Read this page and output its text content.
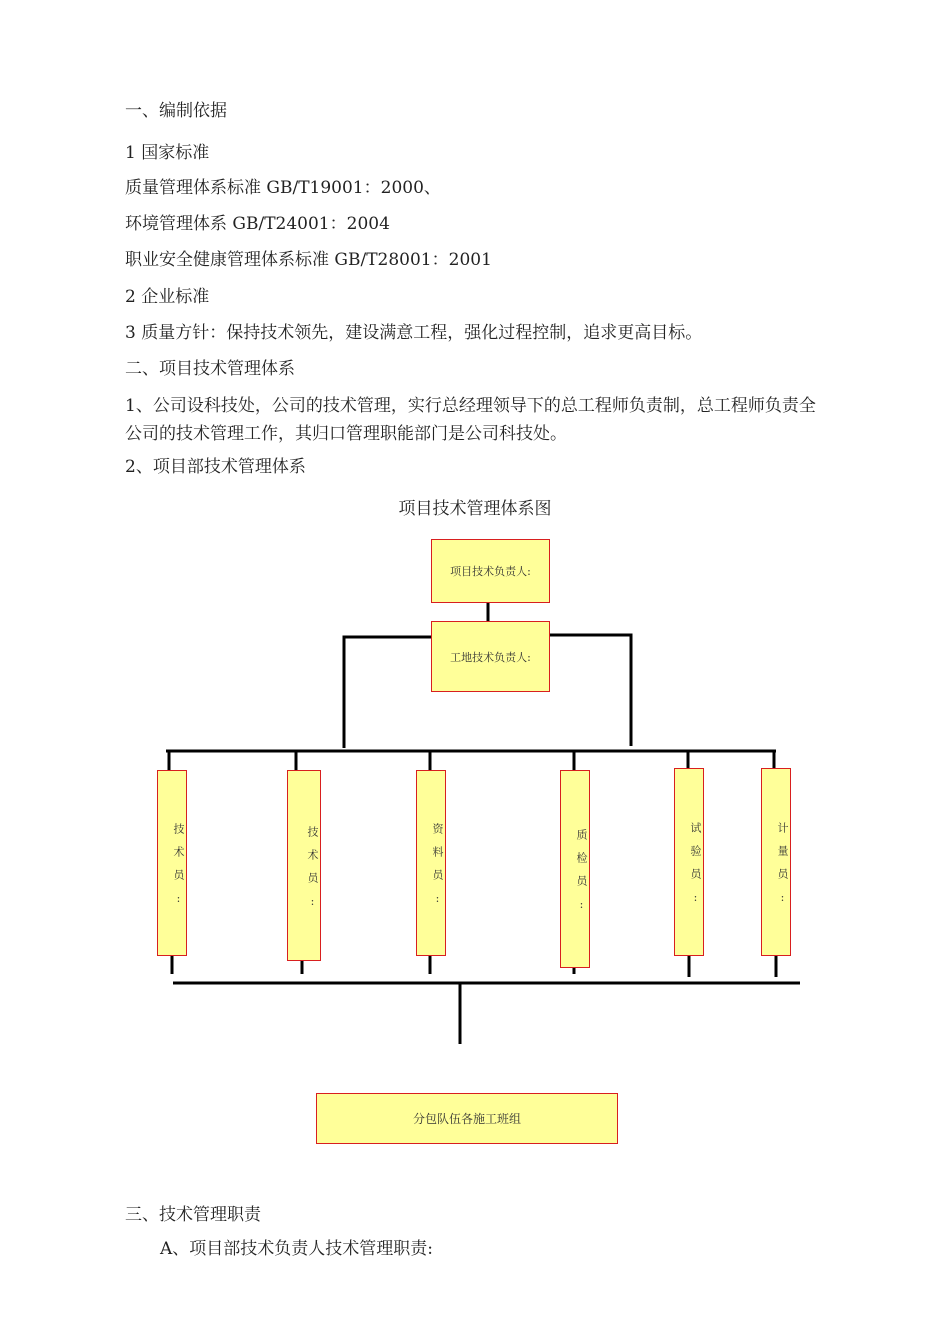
一、编制依据
1 国家标准
质量管理体系标准 GB/T19001：2000、
环境管理体系 GB/T24001：2004
职业安全健康管理体系标准 GB/T28001：2001
2 企业标准
3 质量方针：保持技术领先，建设满意工程，强化过程控制，追求更高目标。
二、项目技术管理体系
1、公司设科技处，公司的技术管理，实行总经理领导下的总工程师负责制，总工程师负责全公司的技术管理工作，其归口管理职能部门是公司科技处。
2、项目部技术管理体系
项目技术管理体系图
项目技术负责人:
工地技术负责人:
技术员:	技术员:	资料员:	质检员:	试验员:	计量员:
分包队伍各施工班组
三、技术管理职责
A、项目部技术负责人技术管理职责:
